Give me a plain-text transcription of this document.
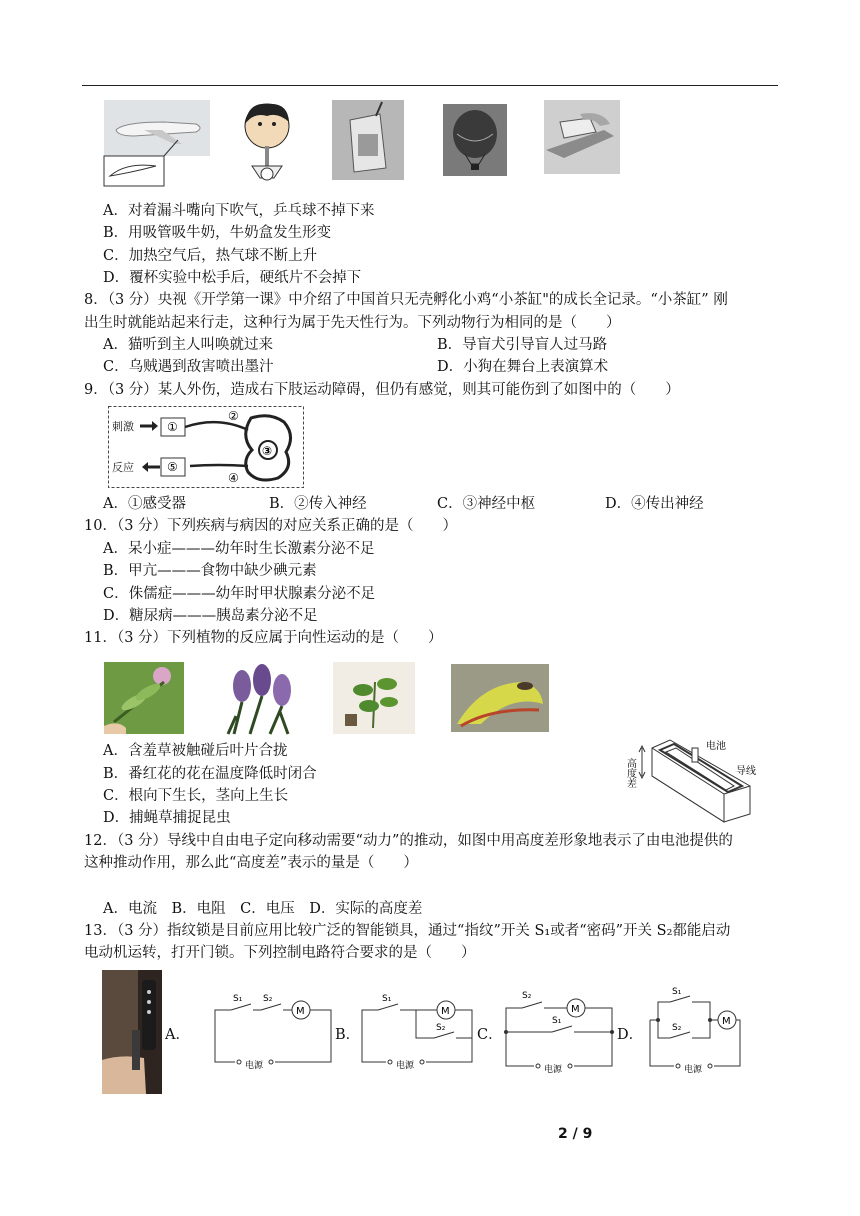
A．对着漏斗嘴向下吹气，乒乓球不掉下来
B．用吸管吸牛奶，牛奶盒发生形变
C．加热空气后，热气球不断上升
D．覆杯实验中松手后，硬纸片不会掉下
8．（3 分）央视《开学第一课》中介绍了中国首只无壳孵化小鸡“小茶缸"的成长全记录。“小茶缸” 刚
出生时就能站起来行走，这种行为属于先天性行为。下列动物行为相同的是（　　）
A．猫听到主人叫唤就过来	B．导盲犬引导盲人过马路
C．乌贼遇到敌害喷出墨汁	D．小狗在舞台上表演算术
9．（3 分）某人外伤，造成右下肢运动障碍，但仍有感觉，则其可能伤到了如图中的（　　）
刺激	①
②
③
④
⑤
反应
A．①感受器	B．②传入神经	C．③神经中枢	D．④传出神经
10．（3 分）下列疾病与病因的对应关系正确的是（　　）
A．呆小症———幼年时生长激素分泌不足
B．甲亢———食物中缺少碘元素
C．侏儒症———幼年时甲状腺素分泌不足
D．糖尿病———胰岛素分泌不足
11．（3 分）下列植物的反应属于向性运动的是（　　）
A．含羞草被触碰后叶片合拢
B．番红花的花在温度降低时闭合
C．根向下生长，茎向上生长
D．捕蝇草捕捉昆虫
高度差
电池
导线
12．（3 分）导线中自由电子定向移动需要“动力”的推动，如图中用高度差形象地表示了由电池提供的
这种推动作用，那么此“高度差”表示的量是（　　）
A．电流　B．电阻　C．电压　D．实际的高度差
13．（3 分）指纹锁是目前应用比较广泛的智能锁具，通过“指纹”开关 S₁或者“密码”开关 S₂都能启动
电动机运转，打开门锁。下列控制电路符合要求的是（　　）
A．
M
S₁ S₂
电源
B．
S₁
M
S₂
电源
C．
S₂
M
S₁
电源
D．
S₁
S₂
M
电源
2 / 9
